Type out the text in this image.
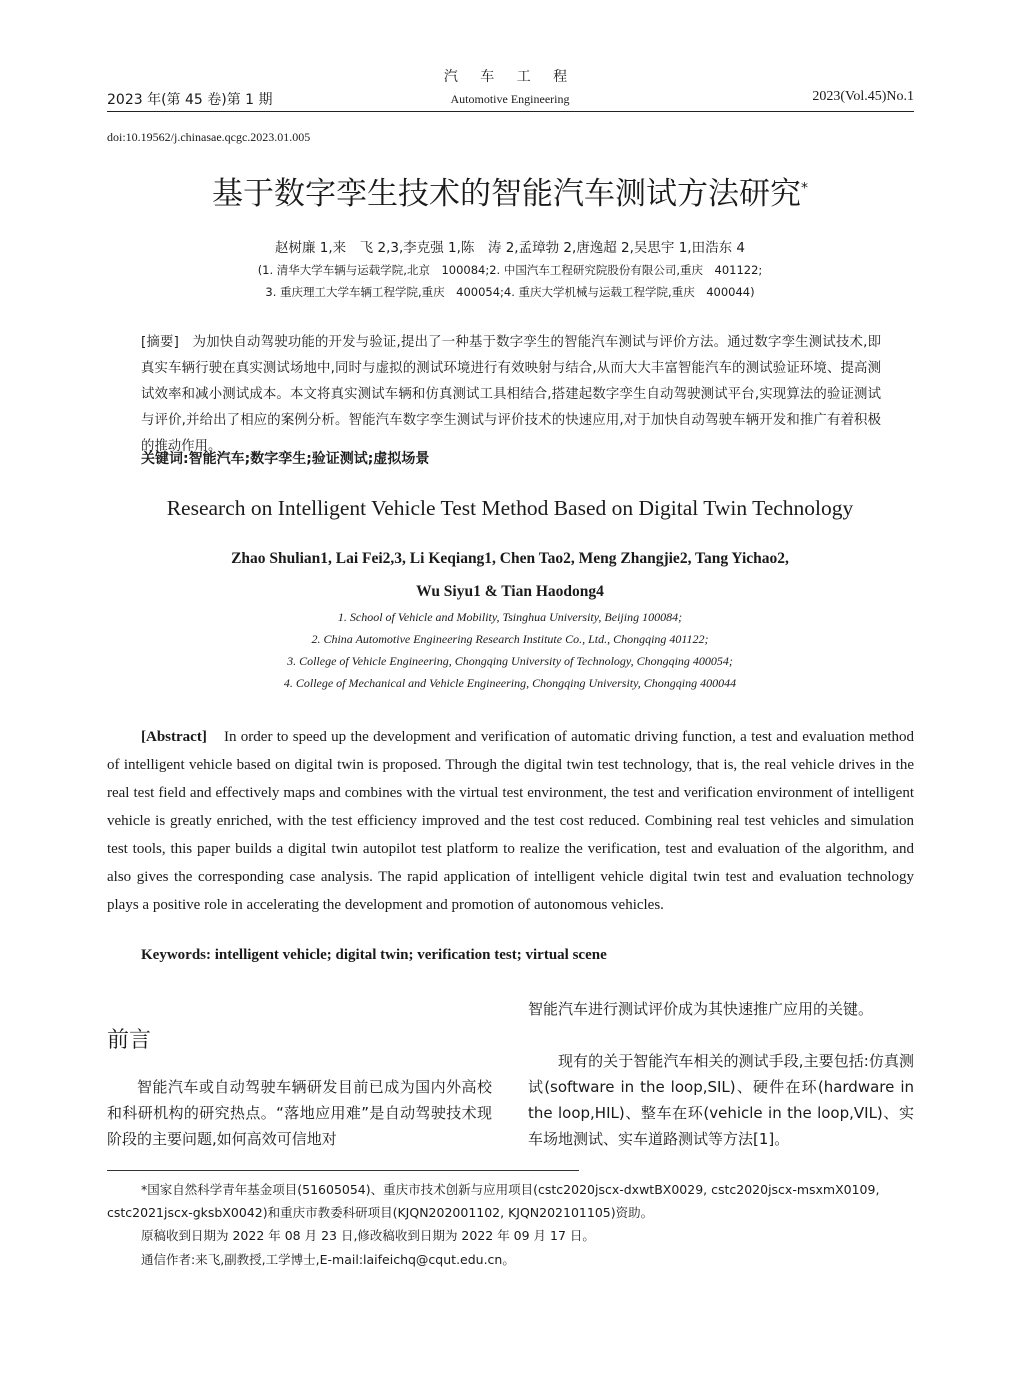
汽 车 工 程
2023 年(第 45 卷)第 1 期	Automotive Engineering	2023(Vol.45)No.1
doi:10.19562/j.chinasae.qcgc.2023.01.005
基于数字孪生技术的智能汽车测试方法研究*
赵树廉 1,来　飞 2,3,李克强 1,陈　涛 2,孟璋勃 2,唐逸超 2,吴思宇 1,田浩东 4
(1. 清华大学车辆与运载学院,北京　100084;2. 中国汽车工程研究院股份有限公司,重庆　401122;
3. 重庆理工大学车辆工程学院,重庆　400054;4. 重庆大学机械与运载工程学院,重庆　400044)
[摘要]　为加快自动驾驶功能的开发与验证,提出了一种基于数字孪生的智能汽车测试与评价方法。通过数字孪生测试技术,即真实车辆行驶在真实测试场地中,同时与虚拟的测试环境进行有效映射与结合,从而大大丰富智能汽车的测试验证环境、提高测试效率和减小测试成本。本文将真实测试车辆和仿真测试工具相结合,搭建起数字孪生自动驾驶测试平台,实现算法的验证测试与评价,并给出了相应的案例分析。智能汽车数字孪生测试与评价技术的快速应用,对于加快自动驾驶车辆开发和推广有着积极的推动作用。
关键词:智能汽车;数字孪生;验证测试;虚拟场景
Research on Intelligent Vehicle Test Method Based on Digital Twin Technology
Zhao Shulian1, Lai Fei2,3, Li Keqiang1, Chen Tao2, Meng Zhangjie2, Tang Yichao2,
Wu Siyu1 & Tian Haodong4
1. School of Vehicle and Mobility, Tsinghua University, Beijing 100084;
2. China Automotive Engineering Research Institute Co., Ltd., Chongqing 401122;
3. College of Vehicle Engineering, Chongqing University of Technology, Chongqing 400054;
4. College of Mechanical and Vehicle Engineering, Chongqing University, Chongqing 400044
[Abstract] In order to speed up the development and verification of automatic driving function, a test and evaluation method of intelligent vehicle based on digital twin is proposed. Through the digital twin test technology, that is, the real vehicle drives in the real test field and effectively maps and combines with the virtual test environment, the test and verification environment of intelligent vehicle is greatly enriched, with the test efficiency improved and the test cost reduced. Combining real test vehicles and simulation test tools, this paper builds a digital twin autopilot test platform to realize the verification, test and evaluation of the algorithm, and also gives the corresponding case analysis. The rapid application of intelligent vehicle digital twin test and evaluation technology plays a positive role in accelerating the development and promotion of autonomous vehicles.
Keywords: intelligent vehicle; digital twin; verification test; virtual scene
前言
智能汽车或自动驾驶车辆研发目前已成为国内外高校和科研机构的研究热点。“落地应用难”是自动驾驶技术现阶段的主要问题,如何高效可信地对
智能汽车进行测试评价成为其快速推广应用的关键。
现有的关于智能汽车相关的测试手段,主要包括:仿真测试(software in the loop,SIL)、硬件在环(hardware in the loop,HIL)、整车在环(vehicle in the loop,VIL)、实车场地测试、实车道路测试等方法[1]。
*国家自然科学青年基金项目(51605054)、重庆市技术创新与应用项目(cstc2020jscx-dxwtBX0029, cstc2020jscx-msxmX0109, cstc2021jscx-gksbX0042)和重庆市教委科研项目(KJQN202001102, KJQN202101105)资助。
原稿收到日期为 2022 年 08 月 23 日,修改稿收到日期为 2022 年 09 月 17 日。
通信作者:来飞,副教授,工学博士,E-mail:laifeichq@cqut.edu.cn。
